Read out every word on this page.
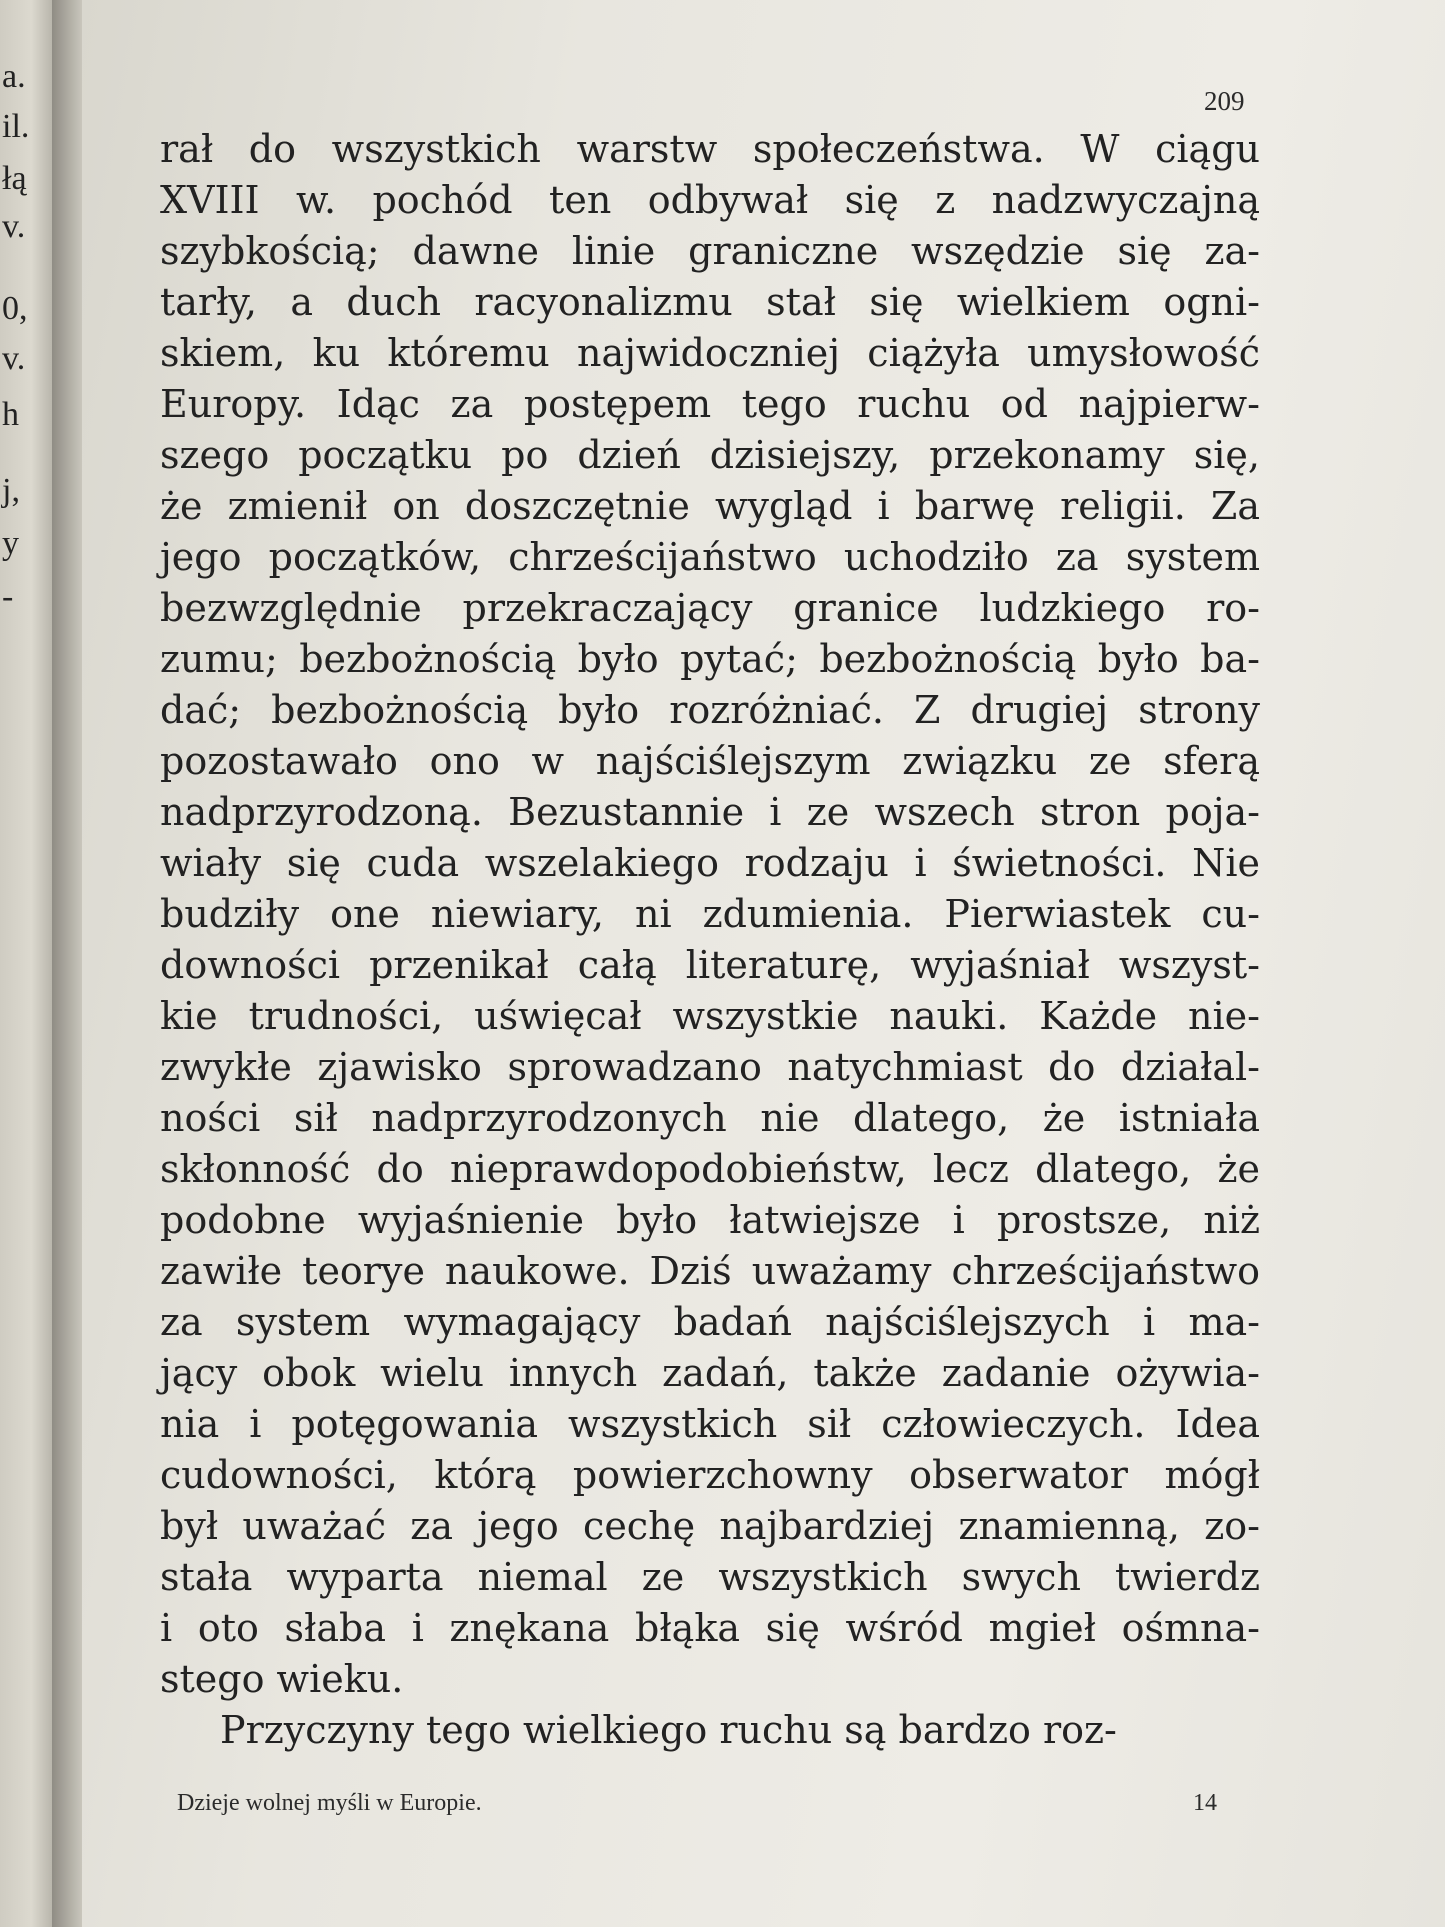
a.
il.
łą
v.
0,
v.
h
j,
y
-
209
rał do wszystkich warstw społeczeństwa. W ciągu
XVIII w. pochód ten odbywał się z nadzwyczajną
szybkością; dawne linie graniczne wszędzie się za-
tarły, a duch racyonalizmu stał się wielkiem ogni-
skiem, ku któremu najwidoczniej ciążyła umysłowość
Europy. Idąc za postępem tego ruchu od najpierw-
szego początku po dzień dzisiejszy, przekonamy się,
że zmienił on doszczętnie wygląd i barwę religii. Za
jego początków, chrześcijaństwo uchodziło za system
bezwzględnie przekraczający granice ludzkiego ro-
zumu; bezbożnością było pytać; bezbożnością było ba-
dać; bezbożnością było rozróżniać. Z drugiej strony
pozostawało ono w najściślejszym związku ze sferą
nadprzyrodzoną. Bezustannie i ze wszech stron poja-
wiały się cuda wszelakiego rodzaju i świetności. Nie
budziły one niewiary, ni zdumienia. Pierwiastek cu-
downości przenikał całą literaturę, wyjaśniał wszyst-
kie trudności, uświęcał wszystkie nauki. Każde nie-
zwykłe zjawisko sprowadzano natychmiast do działal-
ności sił nadprzyrodzonych nie dlatego, że istniała
skłonność do nieprawdopodobieństw, lecz dlatego, że
podobne wyjaśnienie było łatwiejsze i prostsze, niż
zawiłe teorye naukowe. Dziś uważamy chrześcijaństwo
za system wymagający badań najściślejszych i ma-
jący obok wielu innych zadań, także zadanie ożywia-
nia i potęgowania wszystkich sił człowieczych. Idea
cudowności, którą powierzchowny obserwator mógł
był uważać za jego cechę najbardziej znamienną, zo-
stała wyparta niemal ze wszystkich swych twierdz
i oto słaba i znękana błąka się wśród mgieł ośmna-
stego wieku.
Przyczyny tego wielkiego ruchu są bardzo roz-
Dzieje wolnej myśli w Europie.	14
